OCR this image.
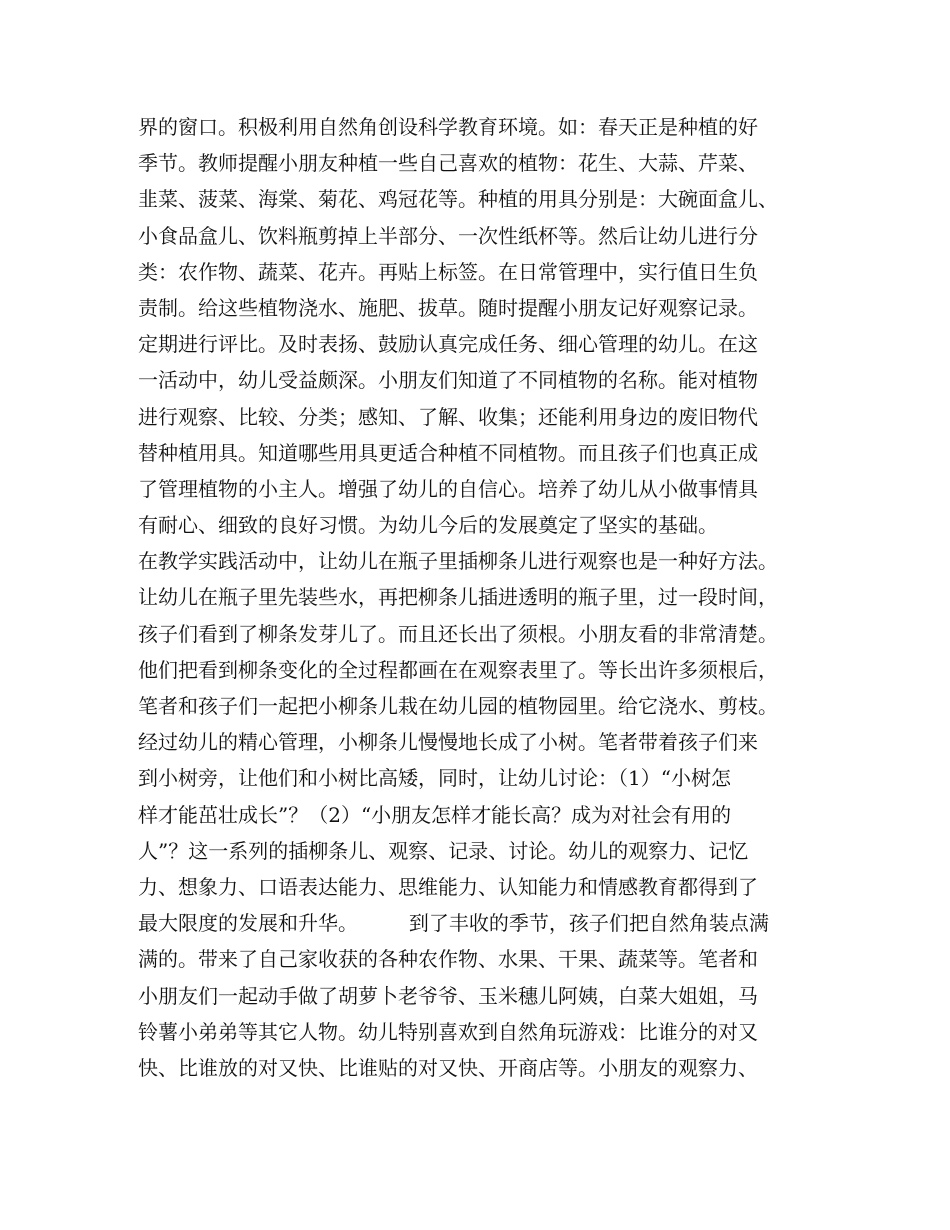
界的窗口。积极利用自然角创设科学教育环境。如：春天正是种植的好
季节。教师提醒小朋友种植一些自己喜欢的植物：花生、大蒜、芹菜、
韭菜、菠菜、海棠、菊花、鸡冠花等。种植的用具分别是：大碗面盒儿、
小食品盒儿、饮料瓶剪掉上半部分、一次性纸杯等。然后让幼儿进行分
类：农作物、蔬菜、花卉。再贴上标签。在日常管理中，实行值日生负
责制。给这些植物浇水、施肥、拔草。随时提醒小朋友记好观察记录。
定期进行评比。及时表扬、鼓励认真完成任务、细心管理的幼儿。在这
一活动中，幼儿受益颇深。小朋友们知道了不同植物的名称。能对植物
进行观察、比较、分类；感知、了解、收集；还能利用身边的废旧物代
替种植用具。知道哪些用具更适合种植不同植物。而且孩子们也真正成
了管理植物的小主人。增强了幼儿的自信心。培养了幼儿从小做事情具
有耐心、细致的良好习惯。为幼儿今后的发展奠定了坚实的基础。
在教学实践活动中，让幼儿在瓶子里插柳条儿进行观察也是一种好方法。
让幼儿在瓶子里先装些水，再把柳条儿插进透明的瓶子里，过一段时间，
孩子们看到了柳条发芽儿了。而且还长出了须根。小朋友看的非常清楚。
他们把看到柳条变化的全过程都画在在观察表里了。等长出许多须根后，
笔者和孩子们一起把小柳条儿栽在幼儿园的植物园里。给它浇水、剪枝。
经过幼儿的精心管理，小柳条儿慢慢地长成了小树。笔者带着孩子们来
到小树旁，让他们和小树比高矮，同时，让幼儿讨论：（1）“小树怎
样才能茁壮成长”？（2）“小朋友怎样才能长高？成为对社会有用的
人”？这一系列的插柳条儿、观察、记录、讨论。幼儿的观察力、记忆
力、想象力、口语表达能力、思维能力、认知能力和情感教育都得到了
最大限度的发展和升华。        到了丰收的季节，孩子们把自然角装点满
满的。带来了自己家收获的各种农作物、水果、干果、蔬菜等。笔者和
小朋友们一起动手做了胡萝卜老爷爷、玉米穗儿阿姨，白菜大姐姐，马
铃薯小弟弟等其它人物。幼儿特别喜欢到自然角玩游戏：比谁分的对又
快、比谁放的对又快、比谁贴的对又快、开商店等。小朋友的观察力、
